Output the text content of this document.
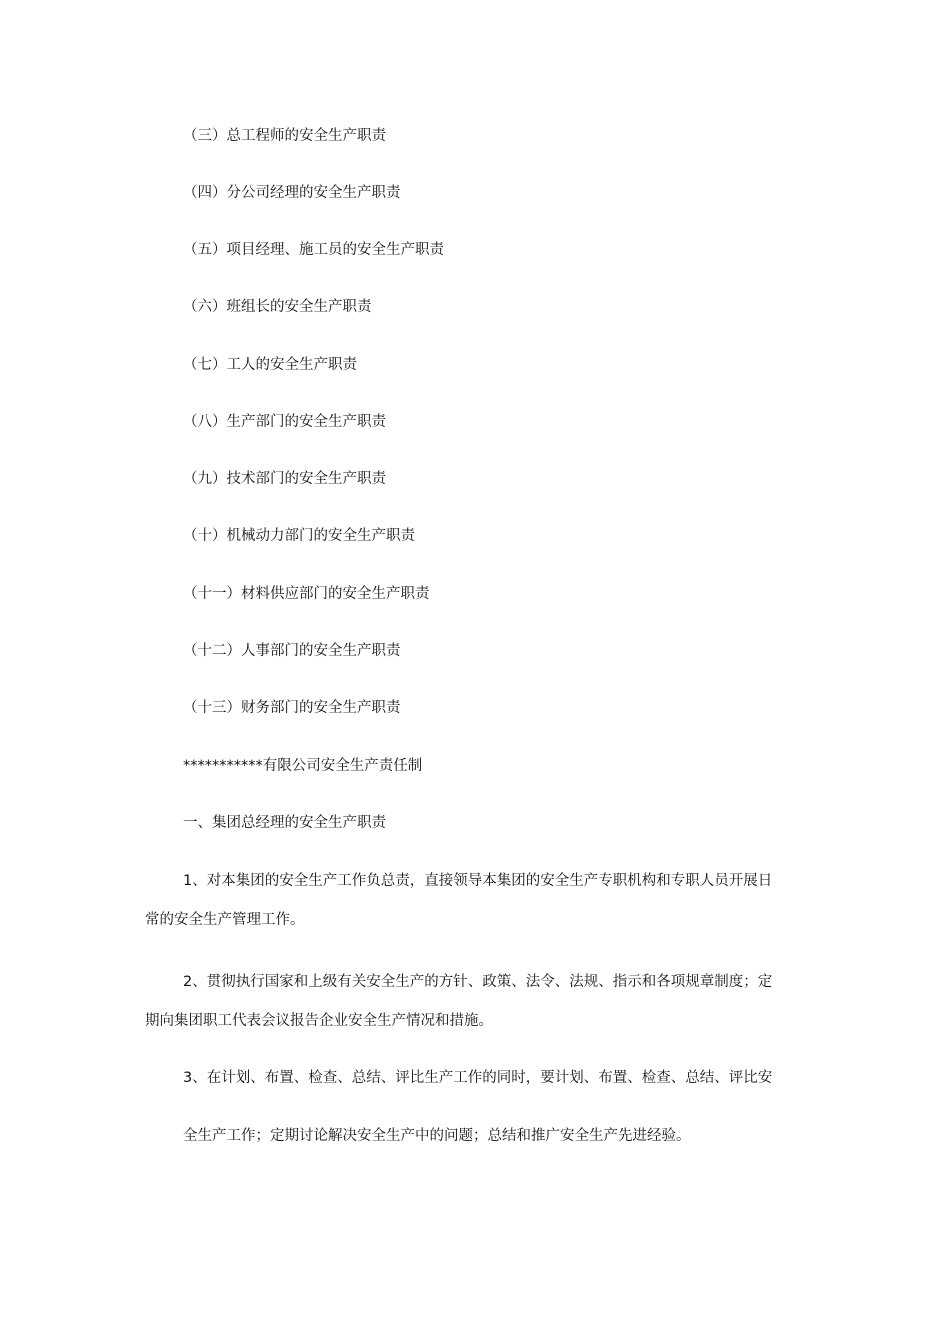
（三）总工程师的安全生产职责
（四）分公司经理的安全生产职责
（五）项目经理、施工员的安全生产职责
（六）班组长的安全生产职责
（七）工人的安全生产职责
（八）生产部门的安全生产职责
（九）技术部门的安全生产职责
（十）机械动力部门的安全生产职责
（十一）材料供应部门的安全生产职责
（十二）人事部门的安全生产职责
（十三）财务部门的安全生产职责
***********有限公司安全生产责任制
一、集团总经理的安全生产职责
1、对本集团的安全生产工作负总责，直接领导本集团的安全生产专职机构和专职人员开展日
常的安全生产管理工作。
2、贯彻执行国家和上级有关安全生产的方针、政策、法令、法规、指示和各项规章制度；定
期向集团职工代表会议报告企业安全生产情况和措施。
3、在计划、布置、检查、总结、评比生产工作的同时，要计划、布置、检查、总结、评比安
全生产工作；定期讨论解决安全生产中的问题；总结和推广安全生产先进经验。
